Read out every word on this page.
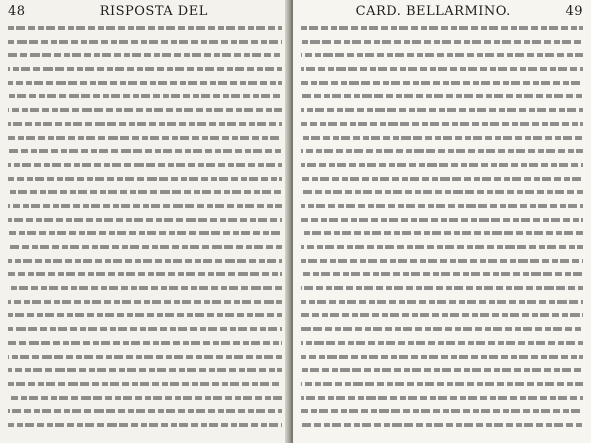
48	RISPOSTA DEL	CARD. BELLARMINO.	49
